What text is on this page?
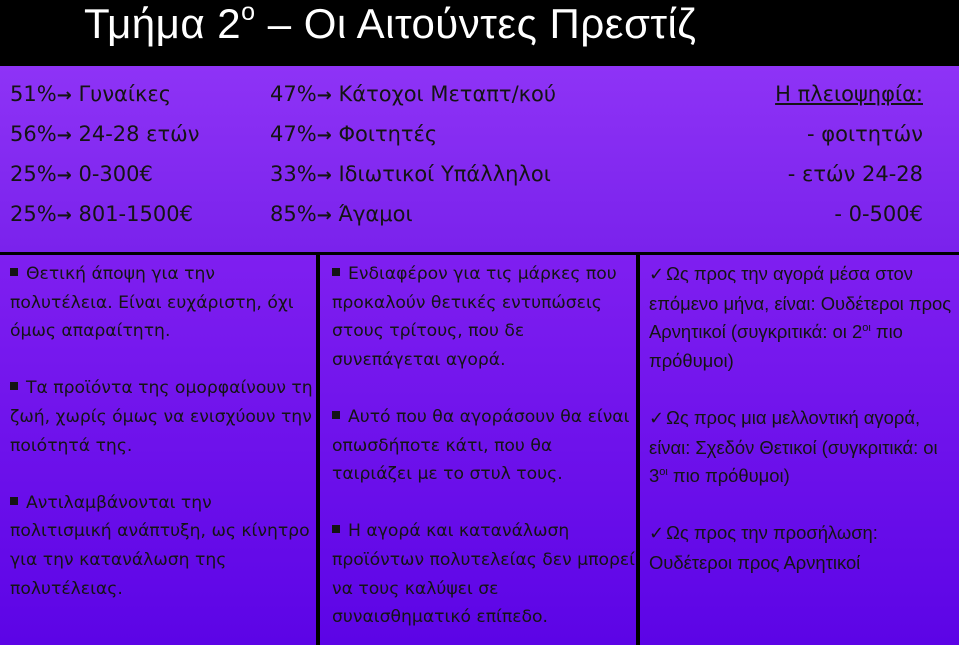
Τμήμα $2^o$ – Οι Αιτούντες Πρεστίζ
51%→ Γυναίκες
56%→ 24-28 ετών
25%→ 0-300€
25%→ 801-1500€
47%→ Κάτοχοι Μεταπτ/κού
47%→ Φοιτητές
33%→ Ιδιωτικοί Υπάλληλοι
85%→ Άγαμοι
Η πλειοψηφία:
- φοιτητών
- ετών 24-28
- 0-500€

Θετική άποψη για την πολυτέλεια. Είναι ευχάριστη, όχι όμως απαραίτητη.

Τα προϊόντα της ομορφαίνουν τη ζωή, χωρίς όμως να ενισχύουν την ποιότητά της.

Αντιλαμβάνονται την πολιτισμική ανάπτυξη, ως κίνητρο για την κατανάλωση της πολυτέλειας.

Ενδιαφέρον για τις μάρκες που προκαλούν θετικές εντυπώσεις στους τρίτους, που δε συνεπάγεται αγορά.

Αυτό που θα αγοράσουν θα είναι οπωσδήποτε κάτι, που θα ταιριάζει με το στυλ τους.

Η αγορά και κατανάλωση προϊόντων πολυτελείας δεν μπορεί να τους καλύψει σε συναισθηματικό επίπεδο.

✓ Ως προς την αγορά μέσα στον επόμενο μήνα, είναι: Ουδέτεροι προς Αρνητικοί (συγκριτικά: οι $2^{o\iota}$ πιο πρόθυμοι)

✓ Ως προς μια μελλοντική αγορά, είναι: Σχεδόν Θετικοί (συγκριτικά: οι $3^{o\iota}$ πιο πρόθυμοι)

✓ Ως προς την προσήλωση: Ουδέτεροι προς Αρνητικοί
